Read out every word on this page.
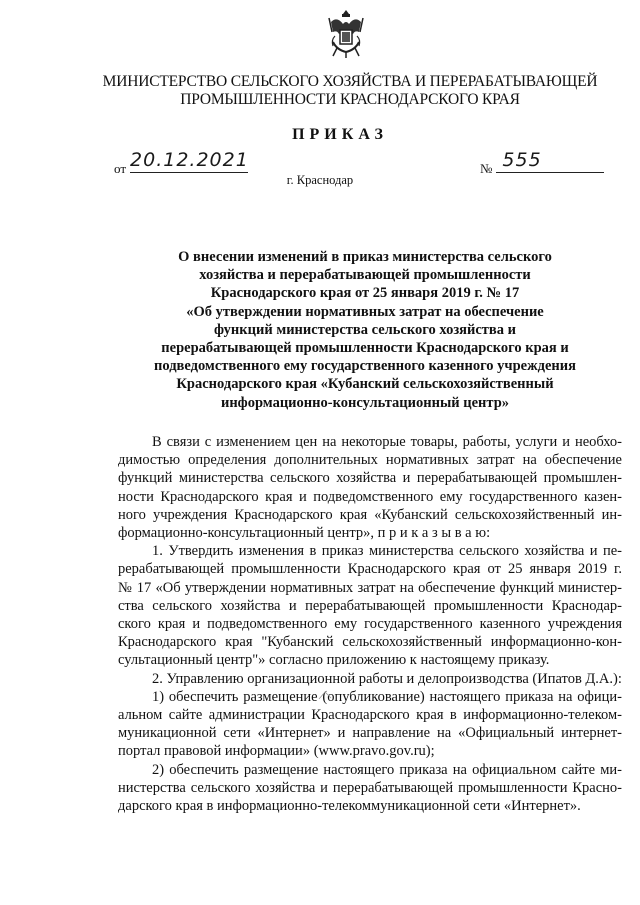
МИНИСТЕРСТВО СЕЛЬСКОГО ХОЗЯЙСТВА И ПЕРЕРАБАТЫВАЮЩЕЙ
ПРОМЫШЛЕННОСТИ КРАСНОДАРСКОГО КРАЯ
ПРИКАЗ
от 20.12.2021	№ 555
г. Краснодар
О внесении изменений в приказ министерства сельского
хозяйства и перерабатывающей промышленности
Краснодарского края от 25 января 2019 г. № 17
«Об утверждении нормативных затрат на обеспечение
функций министерства сельского хозяйства и
перерабатывающей промышленности Краснодарского края и
подведомственного ему государственного казенного учреждения
Краснодарского края «Кубанский сельскохозяйственный
информационно-консультационный центр»
В связи с изменением цен на некоторые товары, работы, услуги и необхо-
димостью определения дополнительных нормативных затрат на обеспечение
функций министерства сельского хозяйства и перерабатывающей промышлен-
ности Краснодарского края и подведомственного ему государственного казен-
ного учреждения Краснодарского края «Кубанский сельскохозяйственный ин-
формационно-консультационный центр», п р и к а з ы в а ю:
1. Утвердить изменения в приказ министерства сельского хозяйства и пе-
рерабатывающей промышленности Краснодарского края от 25 января 2019 г.
№ 17 «Об утверждении нормативных затрат на обеспечение функций министер-
ства сельского хозяйства и перерабатывающей промышленности Краснодар-
ского края и подведомственного ему государственного казенного учреждения
Краснодарского края "Кубанский сельскохозяйственный информационно-кон-
сультационный центр"» согласно приложению к настоящему приказу.
2. Управлению организационной работы и делопроизводства (Ипатов Д.А.):
1) обеспечить размещение (опубликование) настоящего приказа на офици-
альном сайте администрации Краснодарского края в информационно-телеком-
муникационной сети «Интернет» и направление на «Официальный интернет-
портал правовой информации» (www.pravo.gov.ru);
2) обеспечить размещение настоящего приказа на официальном сайте ми-
нистерства сельского хозяйства и перерабатывающей промышленности Красно-
дарского края в информационно-телекоммуникационной сети «Интернет».
